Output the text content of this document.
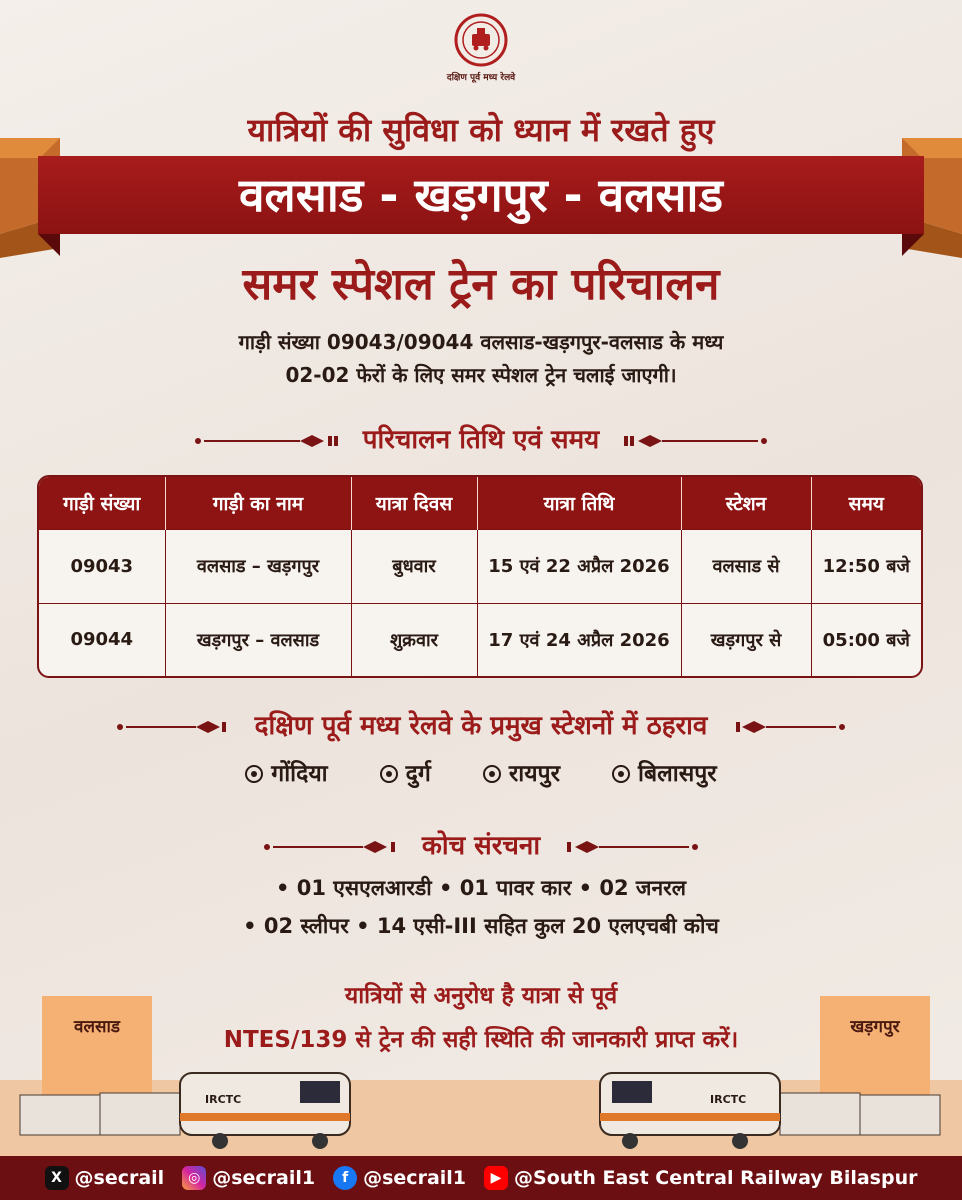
दक्षिण पूर्व मध्य रेलवे
यात्रियों की सुविधा को ध्यान में रखते हुए
वलसाड - खड़गपुर - वलसाड
समर स्पेशल ट्रेन का परिचालन
गाड़ी संख्या 09043/09044 वलसाड-खड़गपुर-वलसाड के मध्य
02-02 फेरों के लिए समर स्पेशल ट्रेन चलाई जाएगी।
परिचालन तिथि एवं समय
गाड़ी संख्या	गाड़ी का नाम	यात्रा दिवस	यात्रा तिथि	स्टेशन	समय
09043	वलसाड – खड़गपुर	बुधवार	15 एवं 22 अप्रैल 2026	वलसाड से	12:50 बजे
09044	खड़गपुर – वलसाड	शुक्रवार	17 एवं 24 अप्रैल 2026	खड़गपुर से	05:00 बजे
दक्षिण पूर्व मध्य रेलवे के प्रमुख स्टेशनों में ठहराव
गोंदिया	दुर्ग	रायपुर	बिलासपुर
कोच संरचना
• 01 एसएलआरडी • 01 पावर कार • 02 जनरल
• 02 स्लीपर • 14 एसी-III सहित कुल 20 एलएचबी कोच
यात्रियों से अनुरोध है यात्रा से पूर्व
NTES/139 से ट्रेन की सही स्थिति की जानकारी प्राप्त करें।
वलसाड	खड़गपुर
IRCTC	IRCTC
X @secrail	◎ @secrail1	f @secrail1	▶ @South East Central Railway Bilaspur
